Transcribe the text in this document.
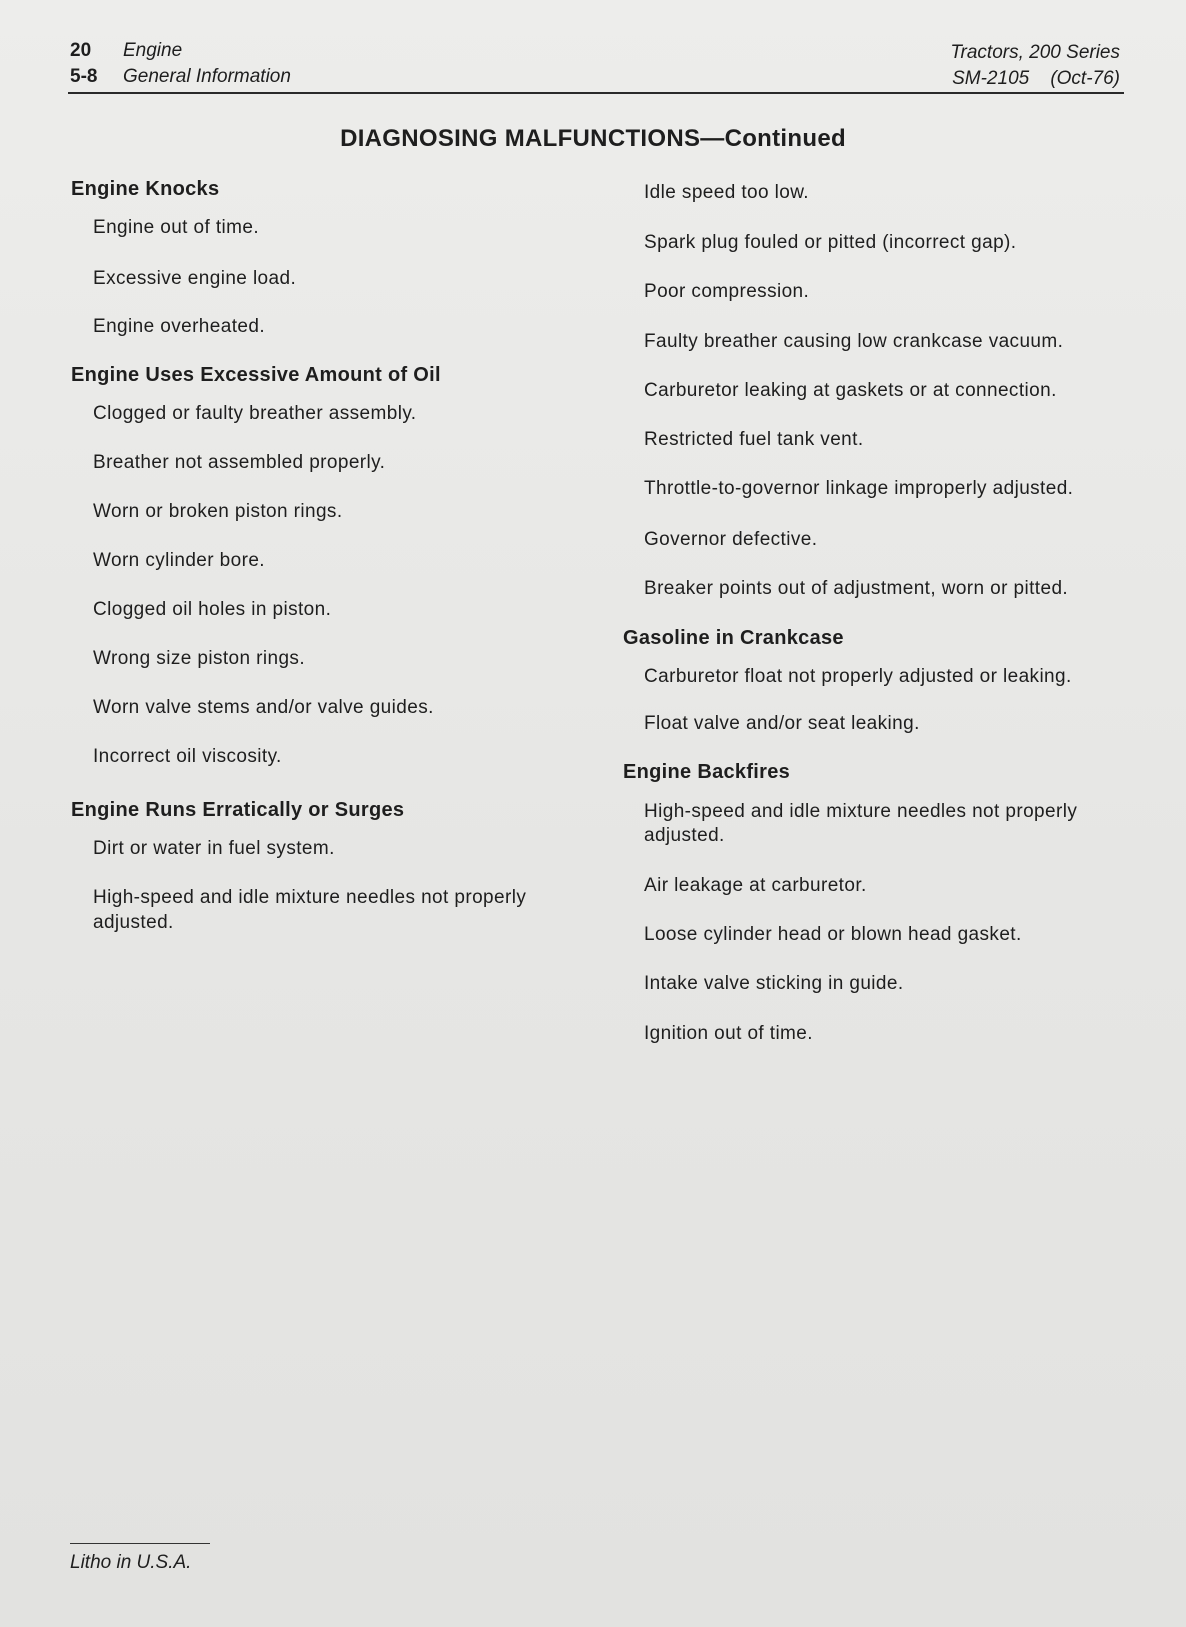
20
5-8
Engine
General Information
Tractors, 200 Series
SM-2105    (Oct-76)
DIAGNOSING MALFUNCTIONS—Continued
Engine Knocks
Engine out of time.
Excessive engine load.
Engine overheated.
Engine Uses Excessive Amount of Oil
Clogged or faulty breather assembly.
Breather not assembled properly.
Worn or broken piston rings.
Worn cylinder bore.
Clogged oil holes in piston.
Wrong size piston rings.
Worn valve stems and/or valve guides.
Incorrect oil viscosity.
Engine Runs Erratically or Surges
Dirt or water in fuel system.
High-speed and idle mixture needles not properly
adjusted.
Idle speed too low.
Spark plug fouled or pitted (incorrect gap).
Poor compression.
Faulty breather causing low crankcase vacuum.
Carburetor leaking at gaskets or at connection.
Restricted fuel tank vent.
Throttle-to-governor linkage improperly adjusted.
Governor defective.
Breaker points out of adjustment, worn or pitted.
Gasoline in Crankcase
Carburetor float not properly adjusted or leaking.
Float valve and/or seat leaking.
Engine Backfires
High-speed and idle mixture needles not properly
adjusted.
Air leakage at carburetor.
Loose cylinder head or blown head gasket.
Intake valve sticking in guide.
Ignition out of time.
Litho in U.S.A.
